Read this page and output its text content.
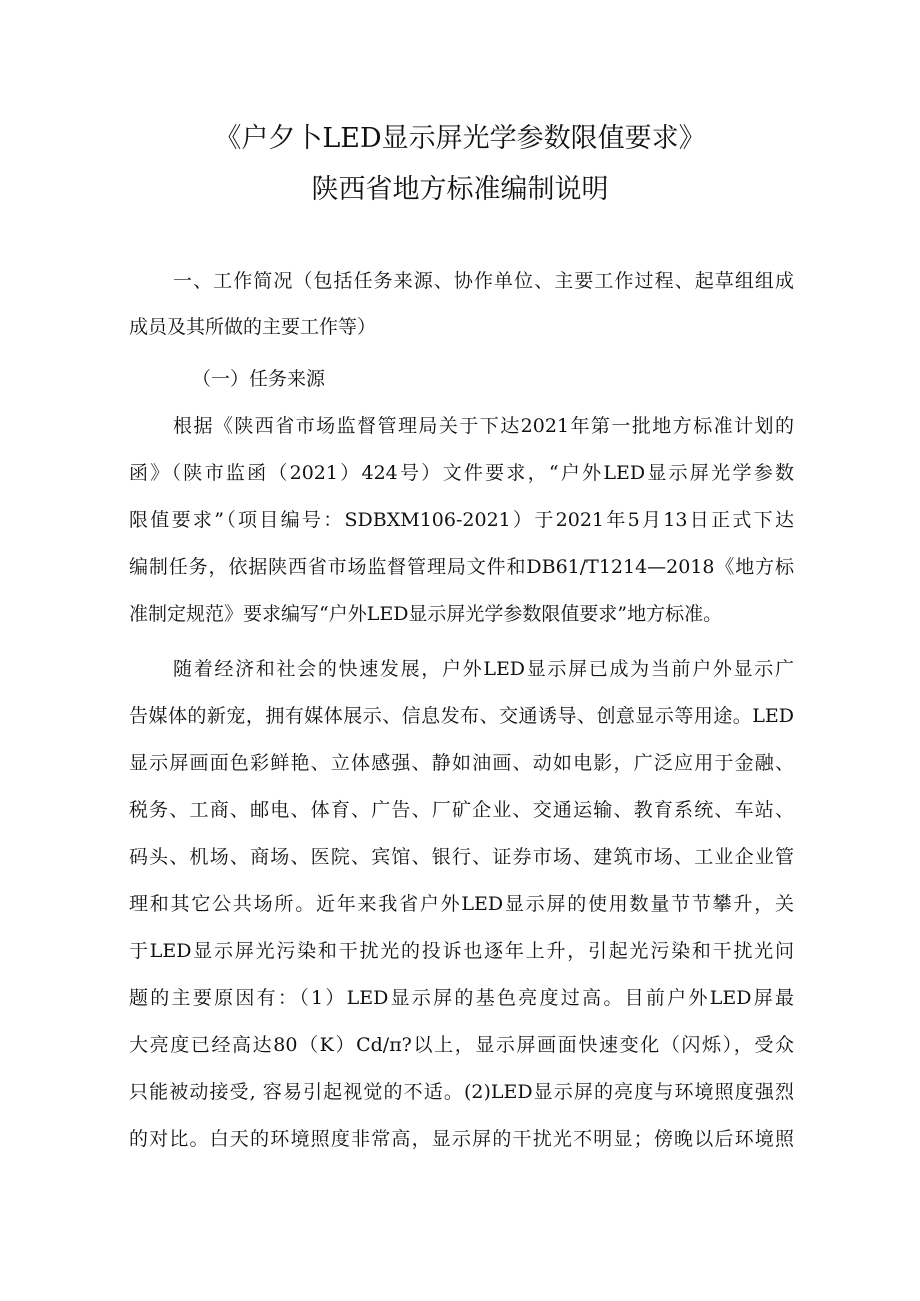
《户夕卜LED显示屏光学参数限值要求》
陕西省地方标准编制说明
一、工作简况（包括任务来源、协作单位、主要工作过程、起草组组成
成员及其所做的主要工作等）
（一）任务来源
根据《陕西省市场监督管理局关于下达2021年第一批地方标准计划的
函》（陕市监函（2021）424号）文件要求，“户外LED显示屏光学参数
限值要求”（项目编号：SDBXM106-2021）于2021年5月13日正式下达
编制任务，依据陕西省市场监督管理局文件和DB61/T1214—2018《地方标
准制定规范》要求编写“户外LED显示屏光学参数限值要求”地方标准。
随着经济和社会的快速发展，户外LED显示屏已成为当前户外显示广
告媒体的新宠，拥有媒体展示、信息发布、交通诱导、创意显示等用途。LED
显示屏画面色彩鲜艳、立体感强、静如油画、动如电影，广泛应用于金融、
税务、工商、邮电、体育、广告、厂矿企业、交通运输、教育系统、车站、
码头、机场、商场、医院、宾馆、银行、证券市场、建筑市场、工业企业管
理和其它公共场所。近年来我省户外LED显示屏的使用数量节节攀升，关
于LED显示屏光污染和干扰光的投诉也逐年上升，引起光污染和干扰光问
题的主要原因有：（1）LED显示屏的基色亮度过高。目前户外LED屏最
大亮度已经高达80（K）Cd/π?以上，显示屏画面快速变化（闪烁），受众
只能被动接受, 容易引起视觉的不适。(2)LED显示屏的亮度与环境照度强烈
的对比。白天的环境照度非常高，显示屏的干扰光不明显；傍晚以后环境照
